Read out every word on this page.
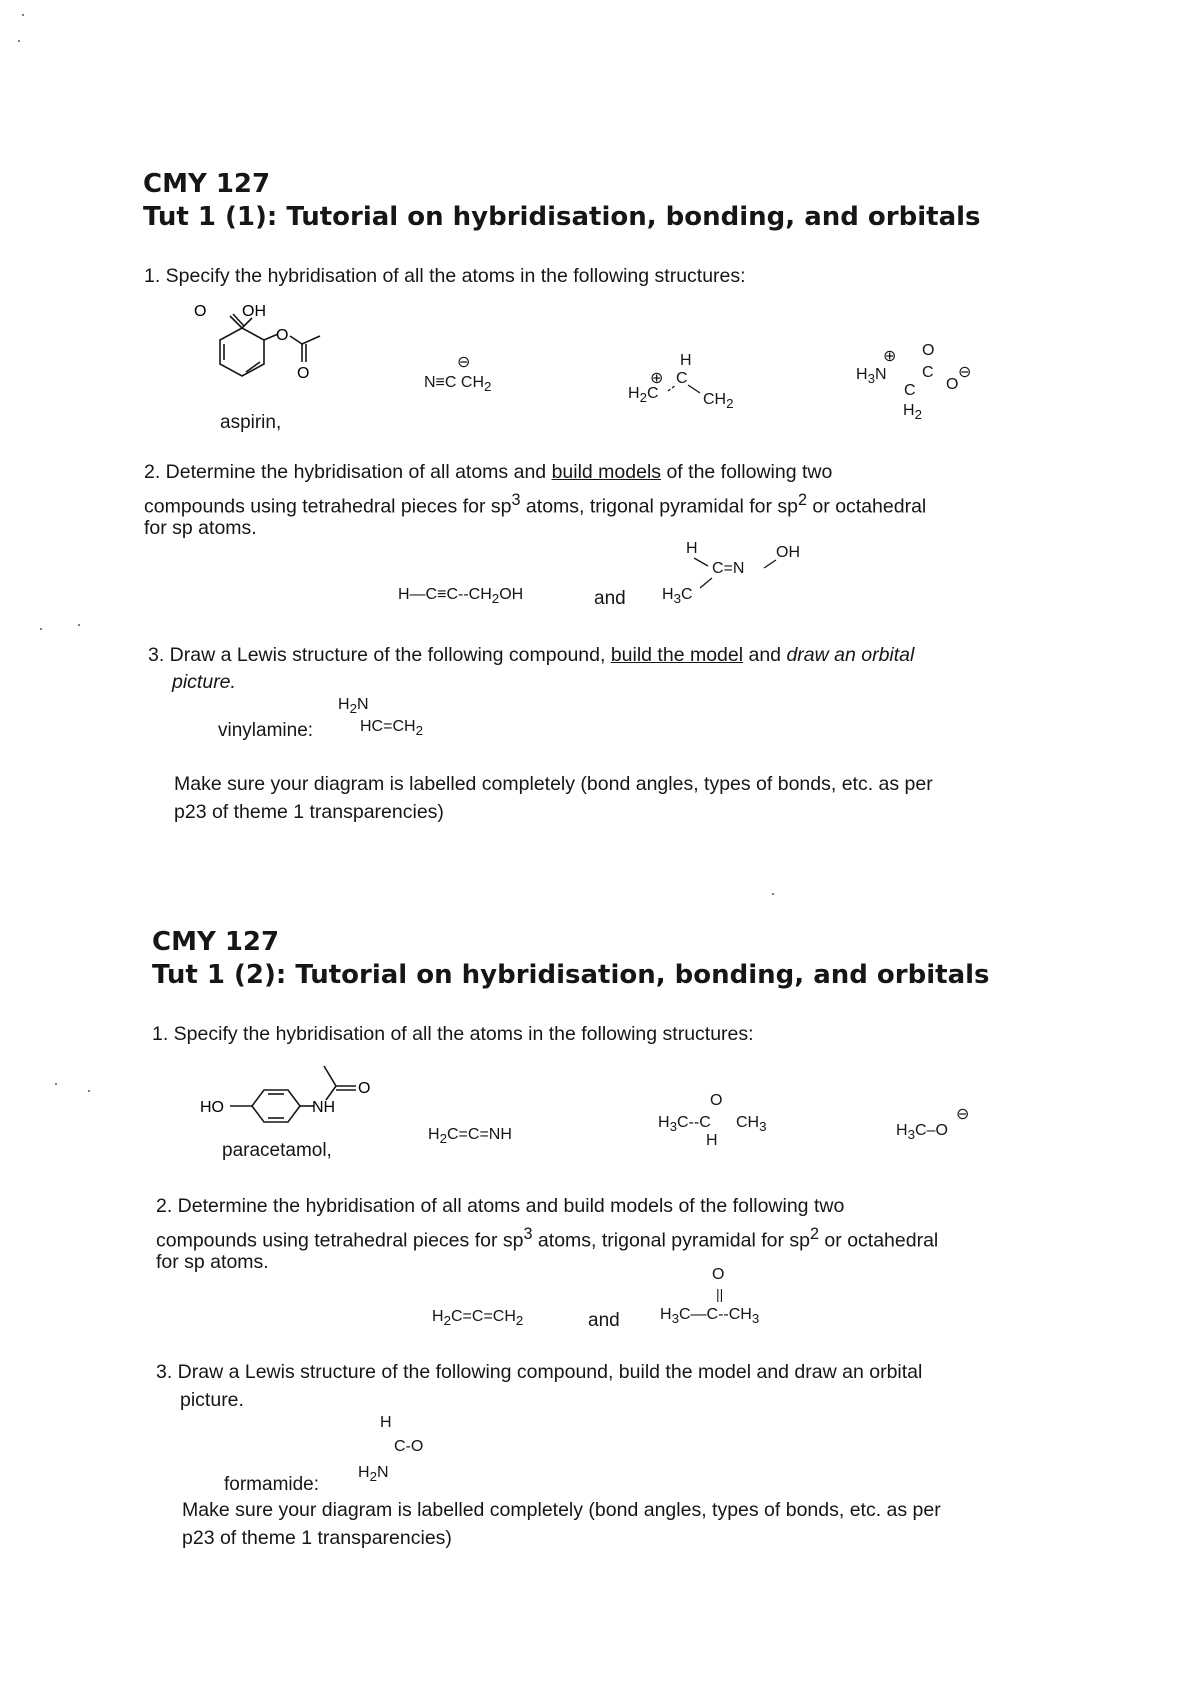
CMY 127
Tut 1 (1): Tutorial on hybridisation, bonding, and orbitals
1. Specify the hybridisation of all the atoms in the following structures:
O OH
O
O
aspirin,
⊖
N≡C $CH_2$
H
⊕ C
$H_2C$	$CH_2$
⊕ O
$H_3N$ C ⊖
O
C
$H_2$
2. Determine the hybridisation of all atoms and build models of the following two
compounds using tetrahedral pieces for $sp^3$ atoms, trigonal pyramidal for $sp^2$ or octahedral
for sp atoms.
$H—C\equiv C--CH_2OH$	and
H	OH
C=N
$H_3C$
3. Draw a Lewis structure of the following compound, build the model and draw an orbital
picture.
$H_2N$
vinylamine:	$HC=CH_2$
Make sure your diagram is labelled completely (bond angles, types of bonds, etc. as per
p23 of theme 1 transparencies)
CMY 127
Tut 1 (2): Tutorial on hybridisation, bonding, and orbitals
1. Specify the hybridisation of all the atoms in the following structures:
HO	NH
O
paracetamol,
$H_2C=C=NH$
O
$H_3C--C$ $CH_3$
H
⊖
$H_3C-O$
2. Determine the hybridisation of all atoms and build models of the following two
compounds using tetrahedral pieces for $sp^3$ atoms, trigonal pyramidal for $sp^2$ or octahedral
for sp atoms.
$H_2C=C=CH_2$	and
O
||
$H_3C—C--CH_3$
3. Draw a Lewis structure of the following compound, build the model and draw an orbital
picture.
H
C-O
formamide:
$H_2N$
Make sure your diagram is labelled completely (bond angles, types of bonds, etc. as per
p23 of theme 1 transparencies)
